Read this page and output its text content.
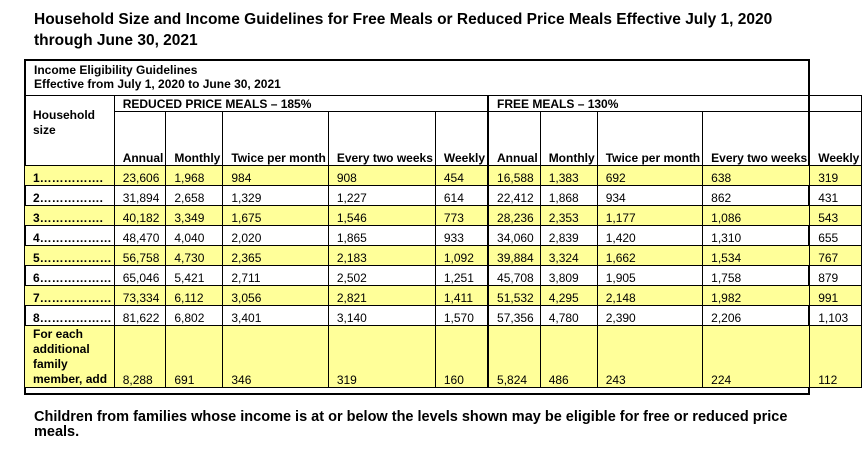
Household Size and Income Guidelines for Free Meals or Reduced Price Meals Effective July 1, 2020 through June 30, 2021
Income Eligibility Guidelines
Effective from July 1, 2020 to June 30, 2021
Household size	REDUCED PRICE MEALS – 185%					FREE MEALS – 130%				
	Annual	Monthly	Twice per month	Every two weeks	Weekly	Annual	Monthly	Twice per month	Every two weeks	Weekly
1…………….	23,606	1,968	984	908	454		16,588	1,383	692	638	319
2…………….	31,894	2,658	1,329	1,227	614		22,412	1,868	934	862	431
3…………….	40,182	3,349	1,675	1,546	773		28,236	2,353	1,177	1,086	543
4………………	48,470	4,040	2,020	1,865	933		34,060	2,839	1,420	1,310	655
5………………	56,758	4,730	2,365	2,183	1,092		39,884	3,324	1,662	1,534	767
6………………	65,046	5,421	2,711	2,502	1,251		45,708	3,809	1,905	1,758	879
7………………	73,334	6,112	3,056	2,821	1,411		51,532	4,295	2,148	1,982	991
8………………	81,622	6,802	3,401	3,140	1,570		57,356	4,780	2,390	2,206	1,103
For each additional family member, add	8,288	691	346	319	160		5,824	486	243	224	112
Children from families whose income is at or below the levels shown may be eligible for free or reduced price meals.
